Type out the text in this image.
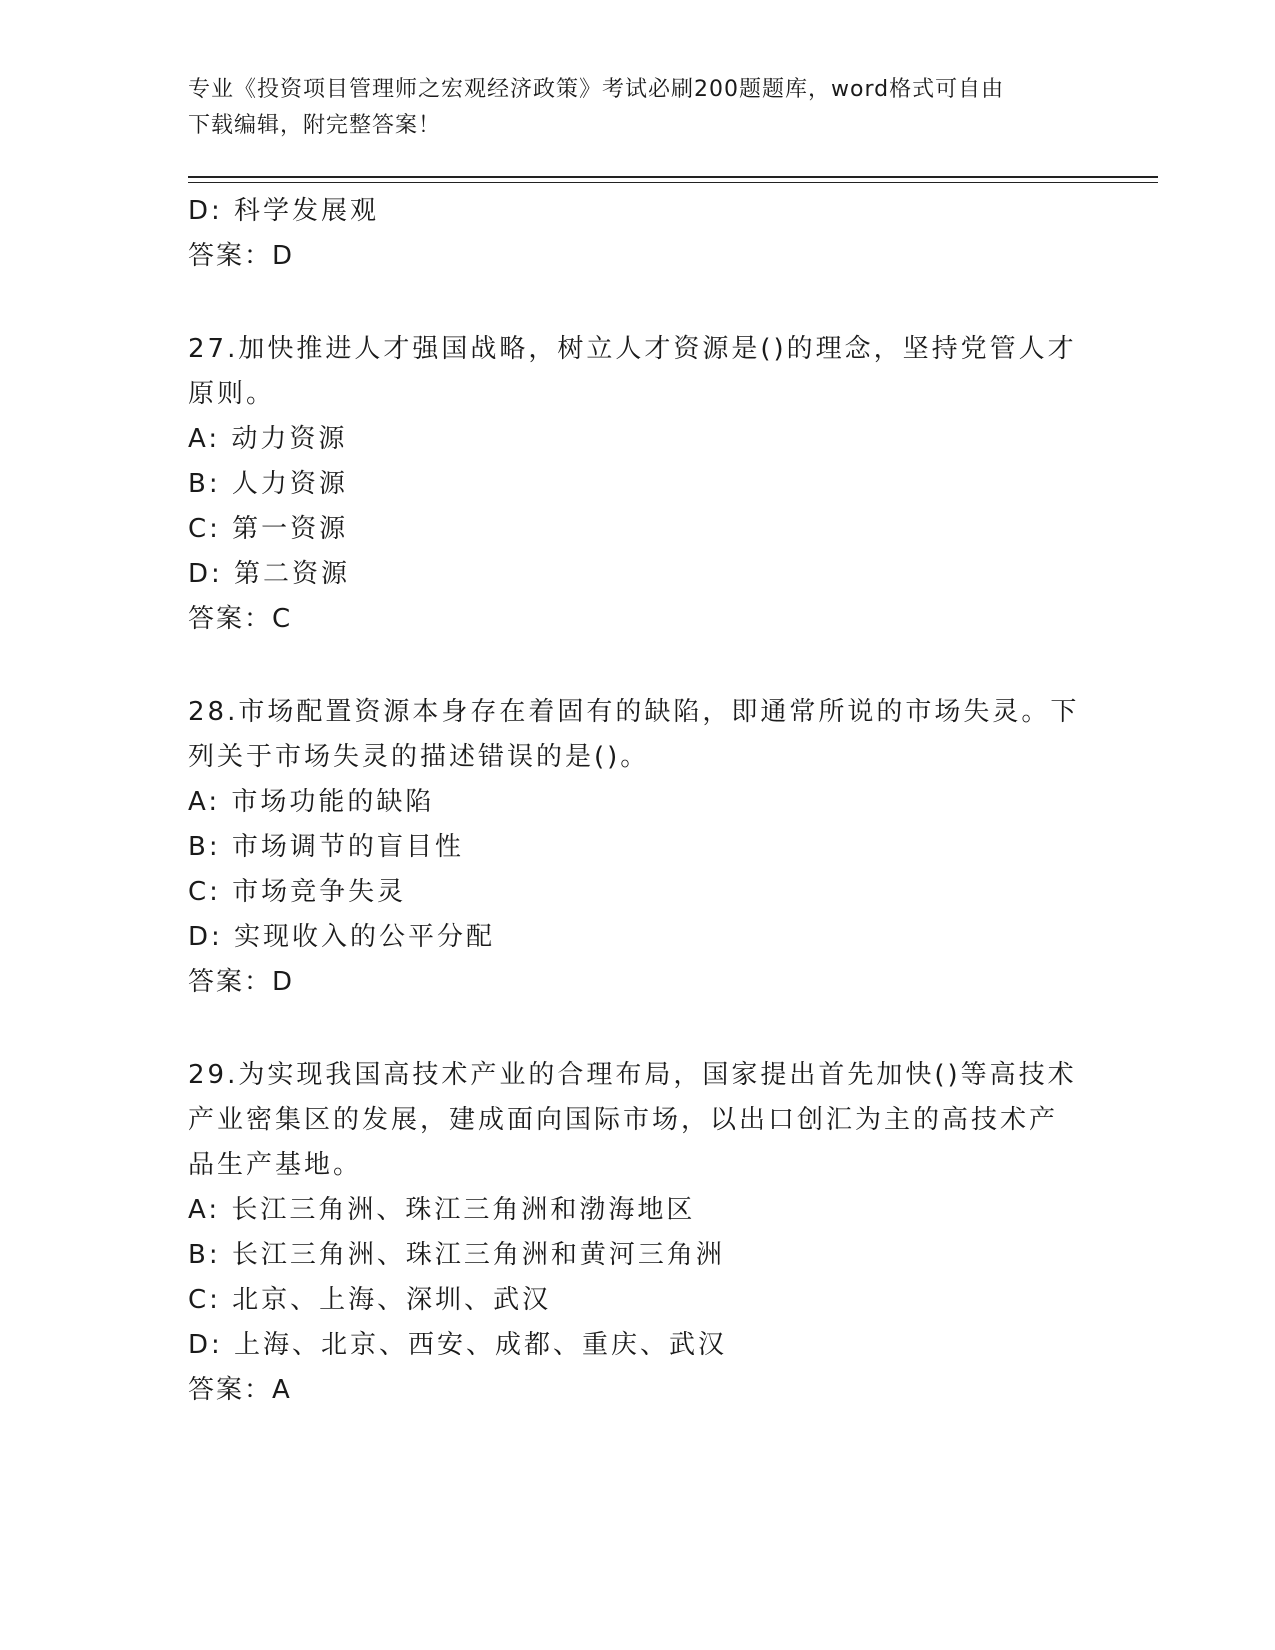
专业《投资项目管理师之宏观经济政策》考试必刷200题题库，word格式可自由
下载编辑，附完整答案！
D: 科学发展观
答案：D
27.加快推进人才强国战略，树立人才资源是()的理念，坚持党管人才
原则。
A: 动力资源
B: 人力资源
C: 第一资源
D: 第二资源
答案：C
28.市场配置资源本身存在着固有的缺陷，即通常所说的市场失灵。下
列关于市场失灵的描述错误的是()。
A: 市场功能的缺陷
B: 市场调节的盲目性
C: 市场竞争失灵
D: 实现收入的公平分配
答案：D
29.为实现我国高技术产业的合理布局，国家提出首先加快()等高技术
产业密集区的发展，建成面向国际市场，以出口创汇为主的高技术产
品生产基地。
A: 长江三角洲、珠江三角洲和渤海地区
B: 长江三角洲、珠江三角洲和黄河三角洲
C: 北京、上海、深圳、武汉
D: 上海、北京、西安、成都、重庆、武汉
答案：A
